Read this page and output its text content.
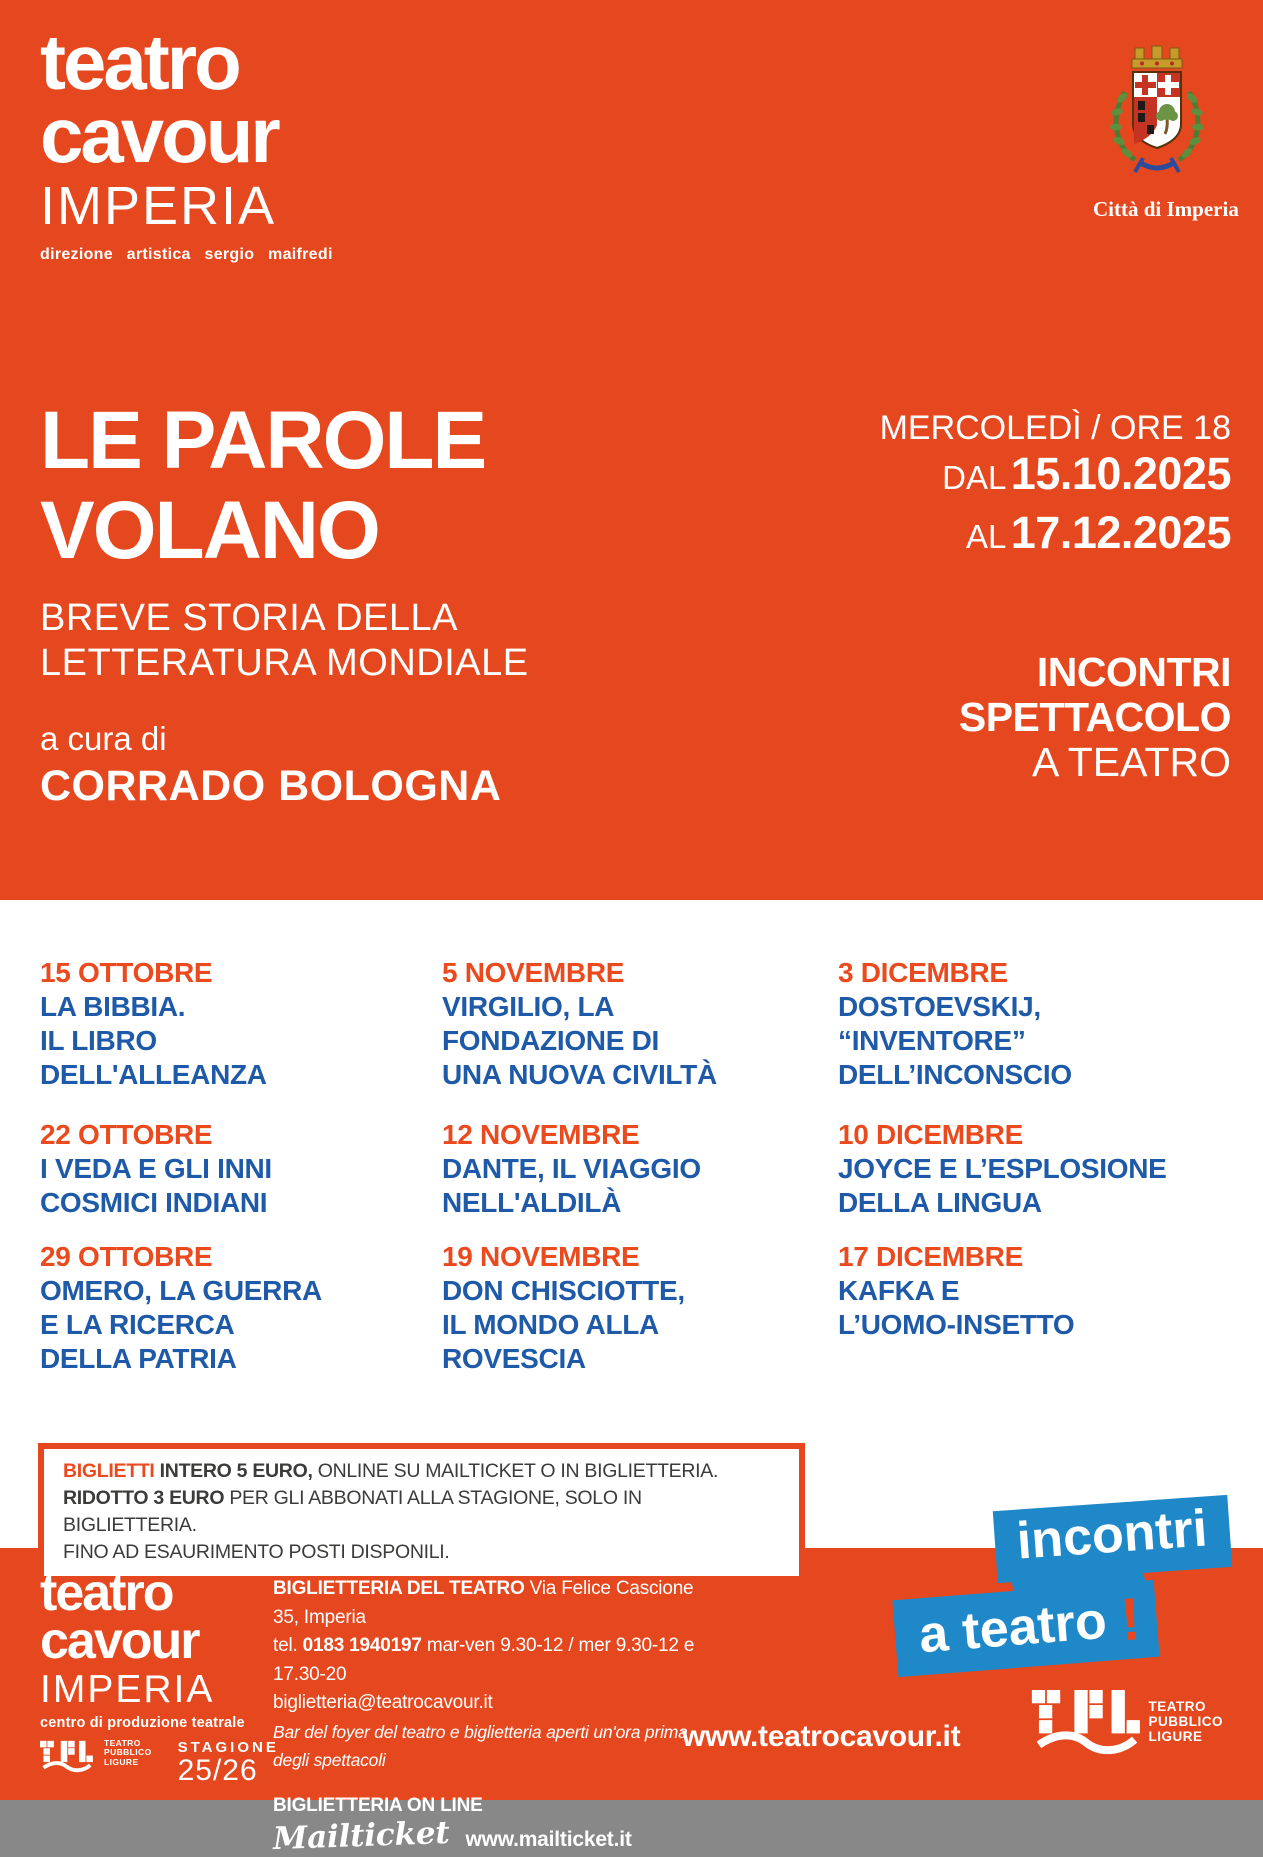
teatro
cavour
IMPERIA
direzione artistica sergio maifredi
Città di Imperia
LE PAROLE
VOLANO
BREVE STORIA DELLA
LETTERATURA MONDIALE
a cura di
CORRADO BOLOGNA
MERCOLEDÌ / ORE 18
DAL 15.10.2025
AL 17.12.2025
INCONTRI
SPETTACOLO
A TEATRO
15 OTTOBRE
LA BIBBIA.
IL LIBRO
DELL'ALLEANZA
22 OTTOBRE
I VEDA E GLI INNI
COSMICI INDIANI
29 OTTOBRE
OMERO, LA GUERRA
E LA RICERCA
DELLA PATRIA
5 NOVEMBRE
VIRGILIO, LA
FONDAZIONE DI
UNA NUOVA CIVILTÀ
12 NOVEMBRE
DANTE, IL VIAGGIO
NELL'ALDILÀ
19 NOVEMBRE
DON CHISCIOTTE,
IL MONDO ALLA
ROVESCIA
3 DICEMBRE
DOSTOEVSKIJ,
“INVENTORE”
DELL’INCONSCIO
10 DICEMBRE
JOYCE E L’ESPLOSIONE
DELLA LINGUA
17 DICEMBRE
KAFKA E
L’UOMO-INSETTO
BIGLIETTI INTERO 5 EURO, ONLINE SU MAILTICKET O IN BIGLIETTERIA.
RIDOTTO 3 EURO PER GLI ABBONATI ALLA STAGIONE, SOLO IN BIGLIETTERIA.
FINO AD ESAURIMENTO POSTI DISPONILI.
teatro
cavour
IMPERIA
centro di produzione teatrale
TEATRO
PUBBLICO
LIGURE
STAGIONE
25/26
BIGLIETTERIA DEL TEATRO Via Felice Cascione 35, Imperia
tel. 0183 1940197 mar-ven 9.30-12 / mer 9.30-12 e 17.30-20
biglietteria@teatrocavour.it
Bar del foyer del teatro e biglietteria aperti un'ora prima degli spettacoli
BIGLIETTERIA ON LINE
Mailticket www.mailticket.it
www.teatrocavour.it
incontri
a teatro !
TEATRO
PUBBLICO
LIGURE
